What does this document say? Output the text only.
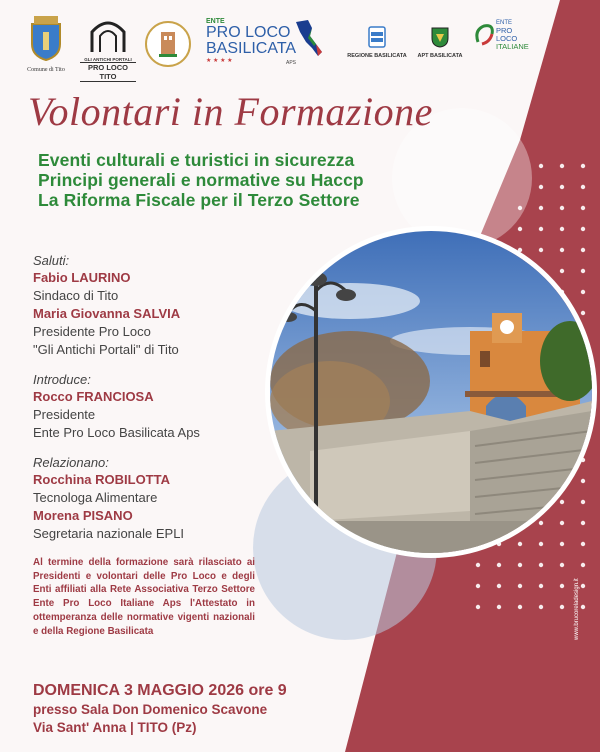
Comune di Tito
GLI ANTICHI PORTALI
PRO LOCO TITO
ENTE
PRO LOCO
BASILICATA
APS
★ ★ ★ ★
REGIONE BASILICATA	APT BASILICATA
ENTE
PRO
LOCO
ITALIANE
Volontari in Formazione
Eventi culturali e turistici in sicurezza
Principi generali e normative su Haccp
La Riforma Fiscale per il Terzo Settore
Saluti:
Fabio LAURINO
Sindaco di Tito
Maria Giovanna SALVIA
Presidente Pro Loco
"Gli Antichi Portali" di Tito
Introduce:
Rocco FRANCIOSA
Presidente
Ente Pro Loco Basilicata Aps
Relazionano:
Rocchina ROBILOTTA
Tecnologa Alimentare
Morena PISANO
Segretaria nazionale EPLI
Al termine della formazione sarà rilasciato ai Presidenti e volontari delle Pro Loco e degli Enti affiliati alla Rete Associativa Terzo Settore Ente Pro Loco Italiane Aps l'Attestato in ottemperanza delle normative vigenti nazionali e della Regione Basilicata
DOMENICA 3 MAGGIO 2026 ore 9
presso Sala Don Domenico Scavone
Via Sant' Anna | TITO (Pz)
www.brucoreladesign.it
